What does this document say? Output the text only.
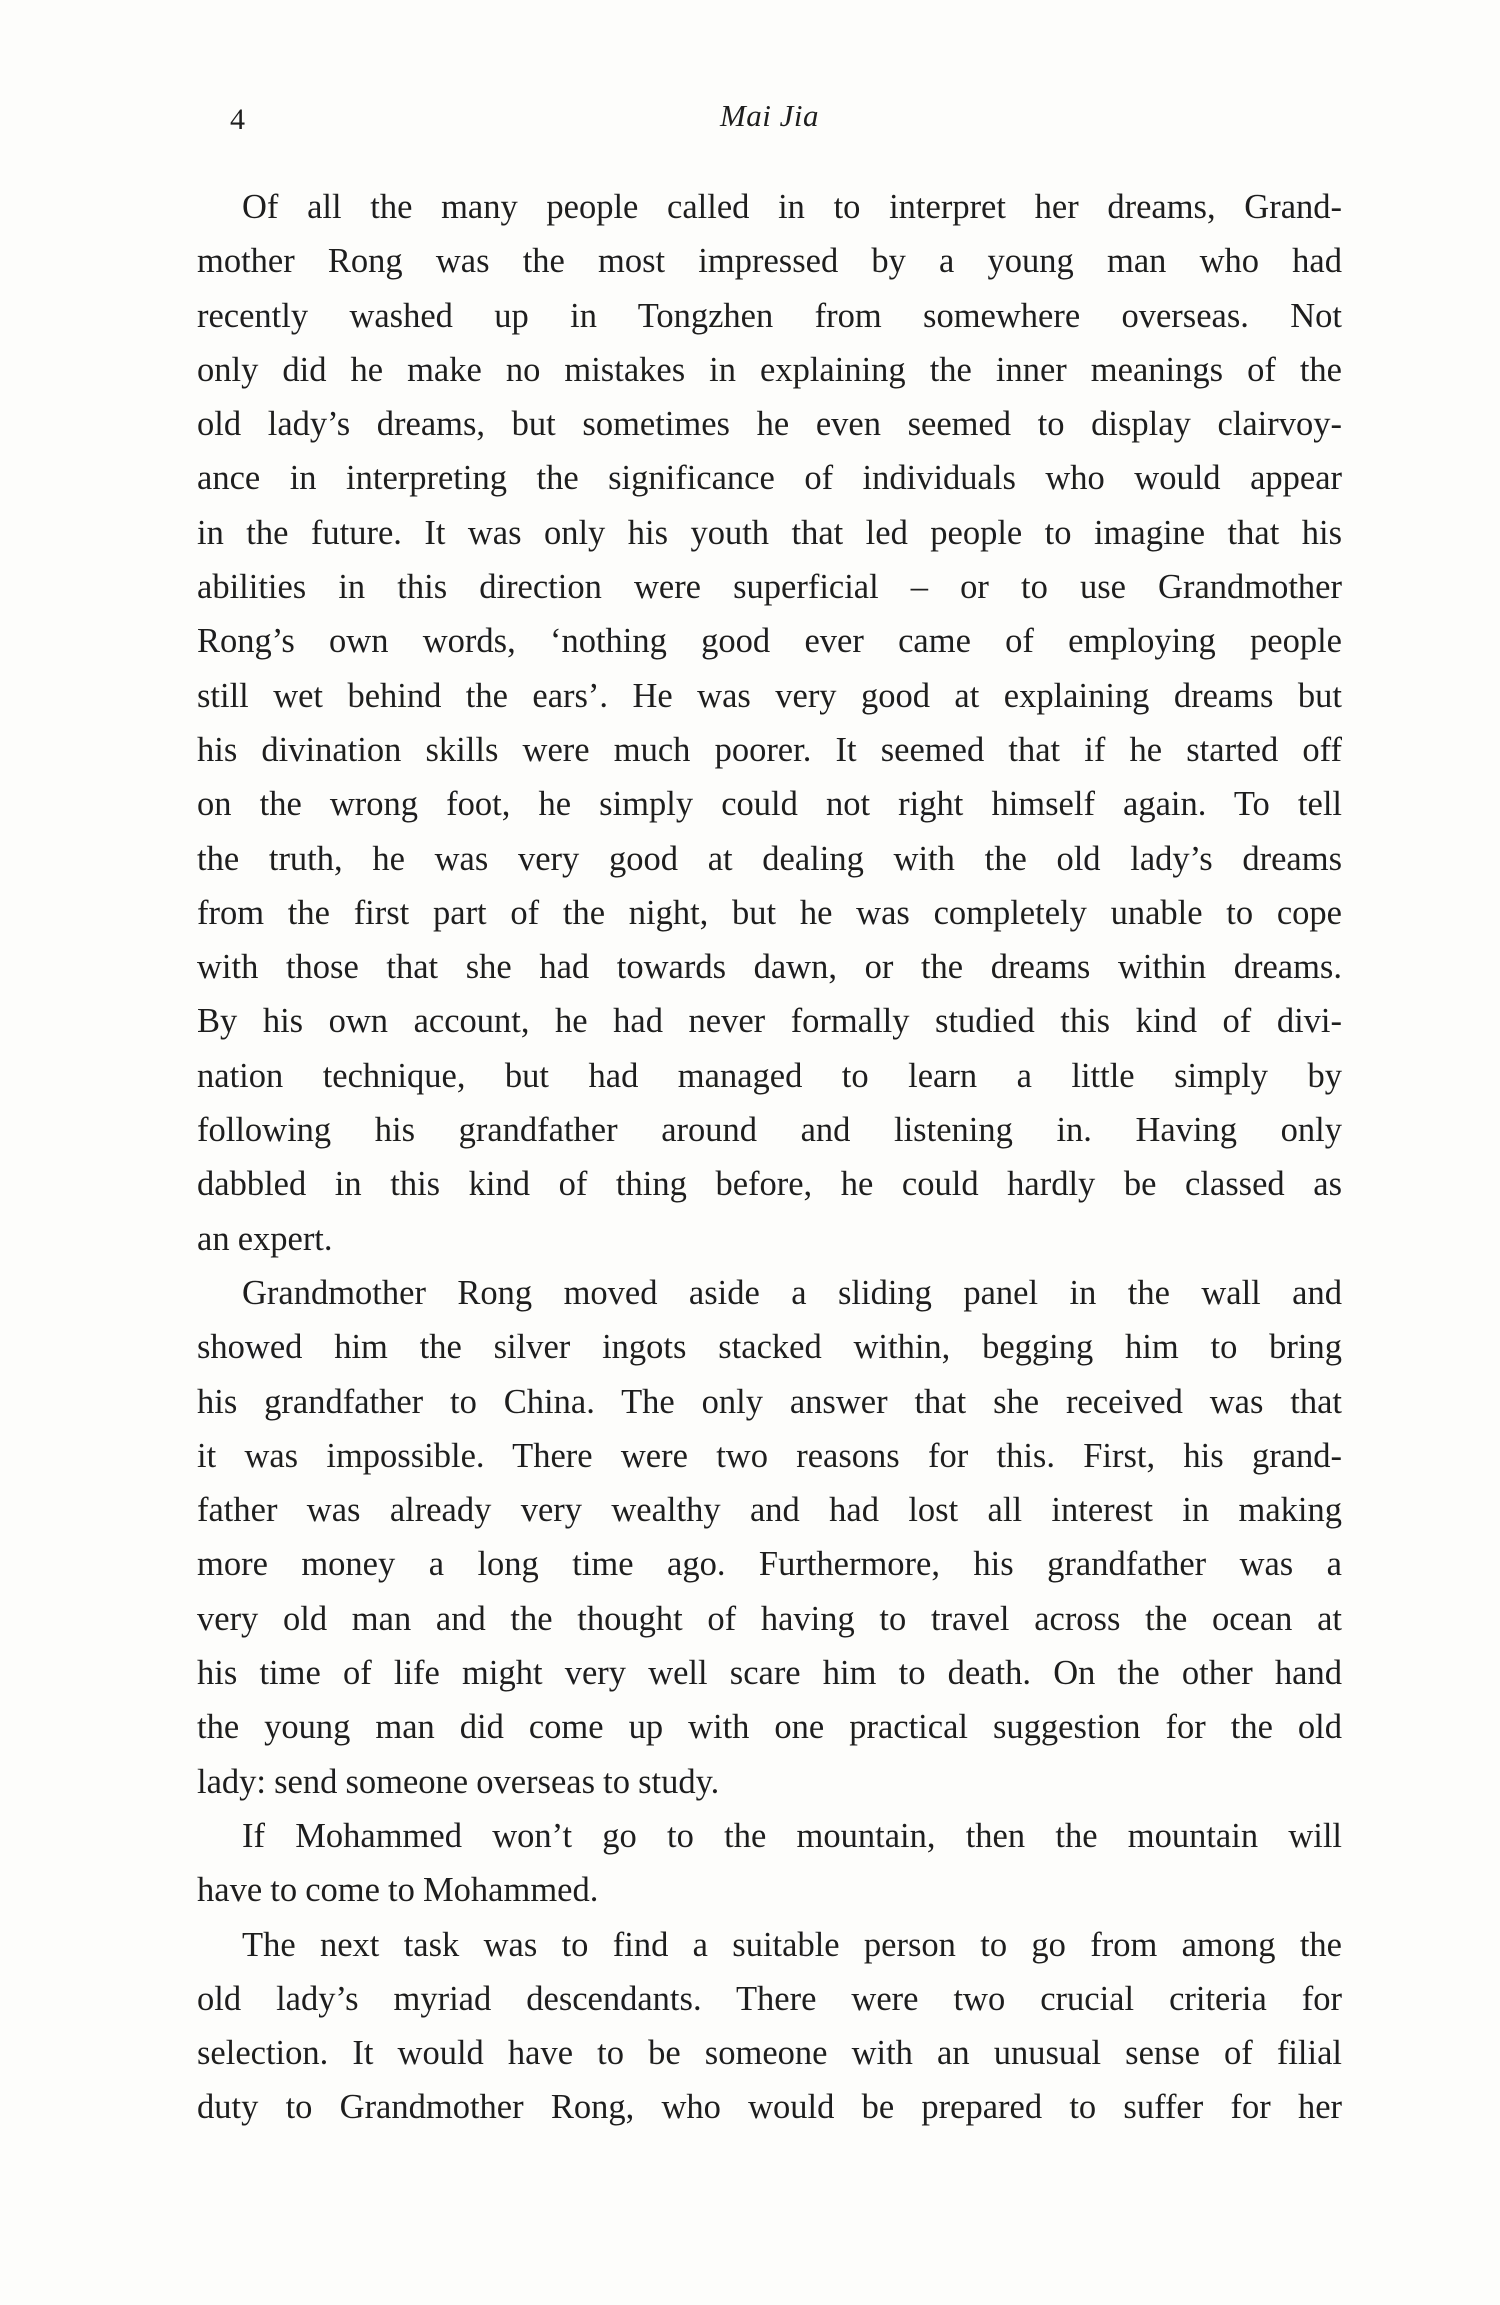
4	Mai Jia

Of all the many people called in to interpret her dreams, Grand-
mother Rong was the most impressed by a young man who had
recently washed up in Tongzhen from somewhere overseas. Not
only did he make no mistakes in explaining the inner meanings of the
old lady’s dreams, but sometimes he even seemed to display clairvoy-
ance in interpreting the significance of individuals who would appear
in the future. It was only his youth that led people to imagine that his
abilities in this direction were superficial – or to use Grandmother
Rong’s own words, ‘nothing good ever came of employing people
still wet behind the ears’. He was very good at explaining dreams but
his divination skills were much poorer. It seemed that if he started off
on the wrong foot, he simply could not right himself again. To tell
the truth, he was very good at dealing with the old lady’s dreams
from the first part of the night, but he was completely unable to cope
with those that she had towards dawn, or the dreams within dreams.
By his own account, he had never formally studied this kind of divi-
nation technique, but had managed to learn a little simply by
following his grandfather around and listening in. Having only
dabbled in this kind of thing before, he could hardly be classed as
an expert.

Grandmother Rong moved aside a sliding panel in the wall and
showed him the silver ingots stacked within, begging him to bring
his grandfather to China. The only answer that she received was that
it was impossible. There were two reasons for this. First, his grand-
father was already very wealthy and had lost all interest in making
more money a long time ago. Furthermore, his grandfather was a
very old man and the thought of having to travel across the ocean at
his time of life might very well scare him to death. On the other hand
the young man did come up with one practical suggestion for the old
lady: send someone overseas to study.

If Mohammed won’t go to the mountain, then the mountain will
have to come to Mohammed.

The next task was to find a suitable person to go from among the
old lady’s myriad descendants. There were two crucial criteria for
selection. It would have to be someone with an unusual sense of filial
duty to Grandmother Rong, who would be prepared to suffer for her
